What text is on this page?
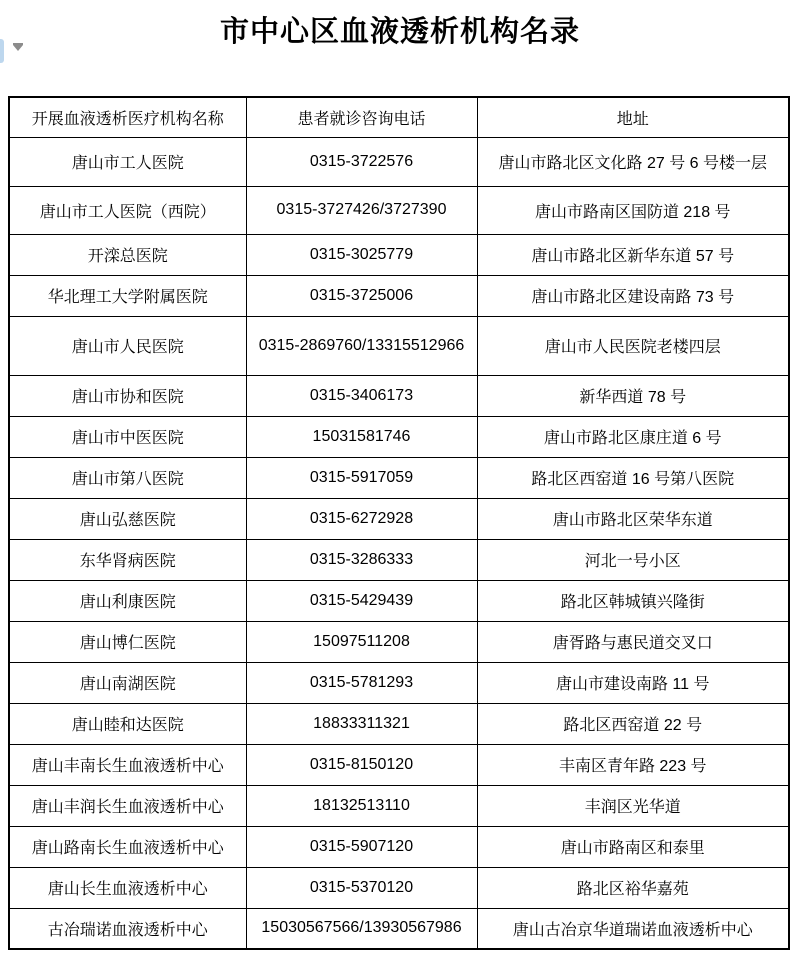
市中心区血液透析机构名录
开展血液透析医疗机构名称	患者就诊咨询电话	地址
唐山市工人医院	0315-3722576	唐山市路北区文化路 27 号 6 号楼一层
唐山市工人医院（西院）	0315-3727426/3727390	唐山市路南区国防道 218 号
开滦总医院	0315-3025779	唐山市路北区新华东道 57 号
华北理工大学附属医院	0315-3725006	唐山市路北区建设南路 73 号
唐山市人民医院	0315-2869760/13315512966	唐山市人民医院老楼四层
唐山市协和医院	0315-3406173	新华西道 78 号
唐山市中医医院	15031581746	唐山市路北区康庄道 6 号
唐山市第八医院	0315-5917059	路北区西窑道 16 号第八医院
唐山弘慈医院	0315-6272928	唐山市路北区荣华东道
东华肾病医院	0315-3286333	河北一号小区
唐山利康医院	0315-5429439	路北区韩城镇兴隆街
唐山博仁医院	15097511208	唐胥路与惠民道交叉口
唐山南湖医院	0315-5781293	唐山市建设南路 11 号
唐山睦和达医院	18833311321	路北区西窑道 22 号
唐山丰南长生血液透析中心	0315-8150120	丰南区青年路 223 号
唐山丰润长生血液透析中心	18132513110	丰润区光华道
唐山路南长生血液透析中心	0315-5907120	唐山市路南区和泰里
唐山长生血液透析中心	0315-5370120	路北区裕华嘉苑
古冶瑞诺血液透析中心	15030567566/13930567986	唐山古冶京华道瑞诺血液透析中心
